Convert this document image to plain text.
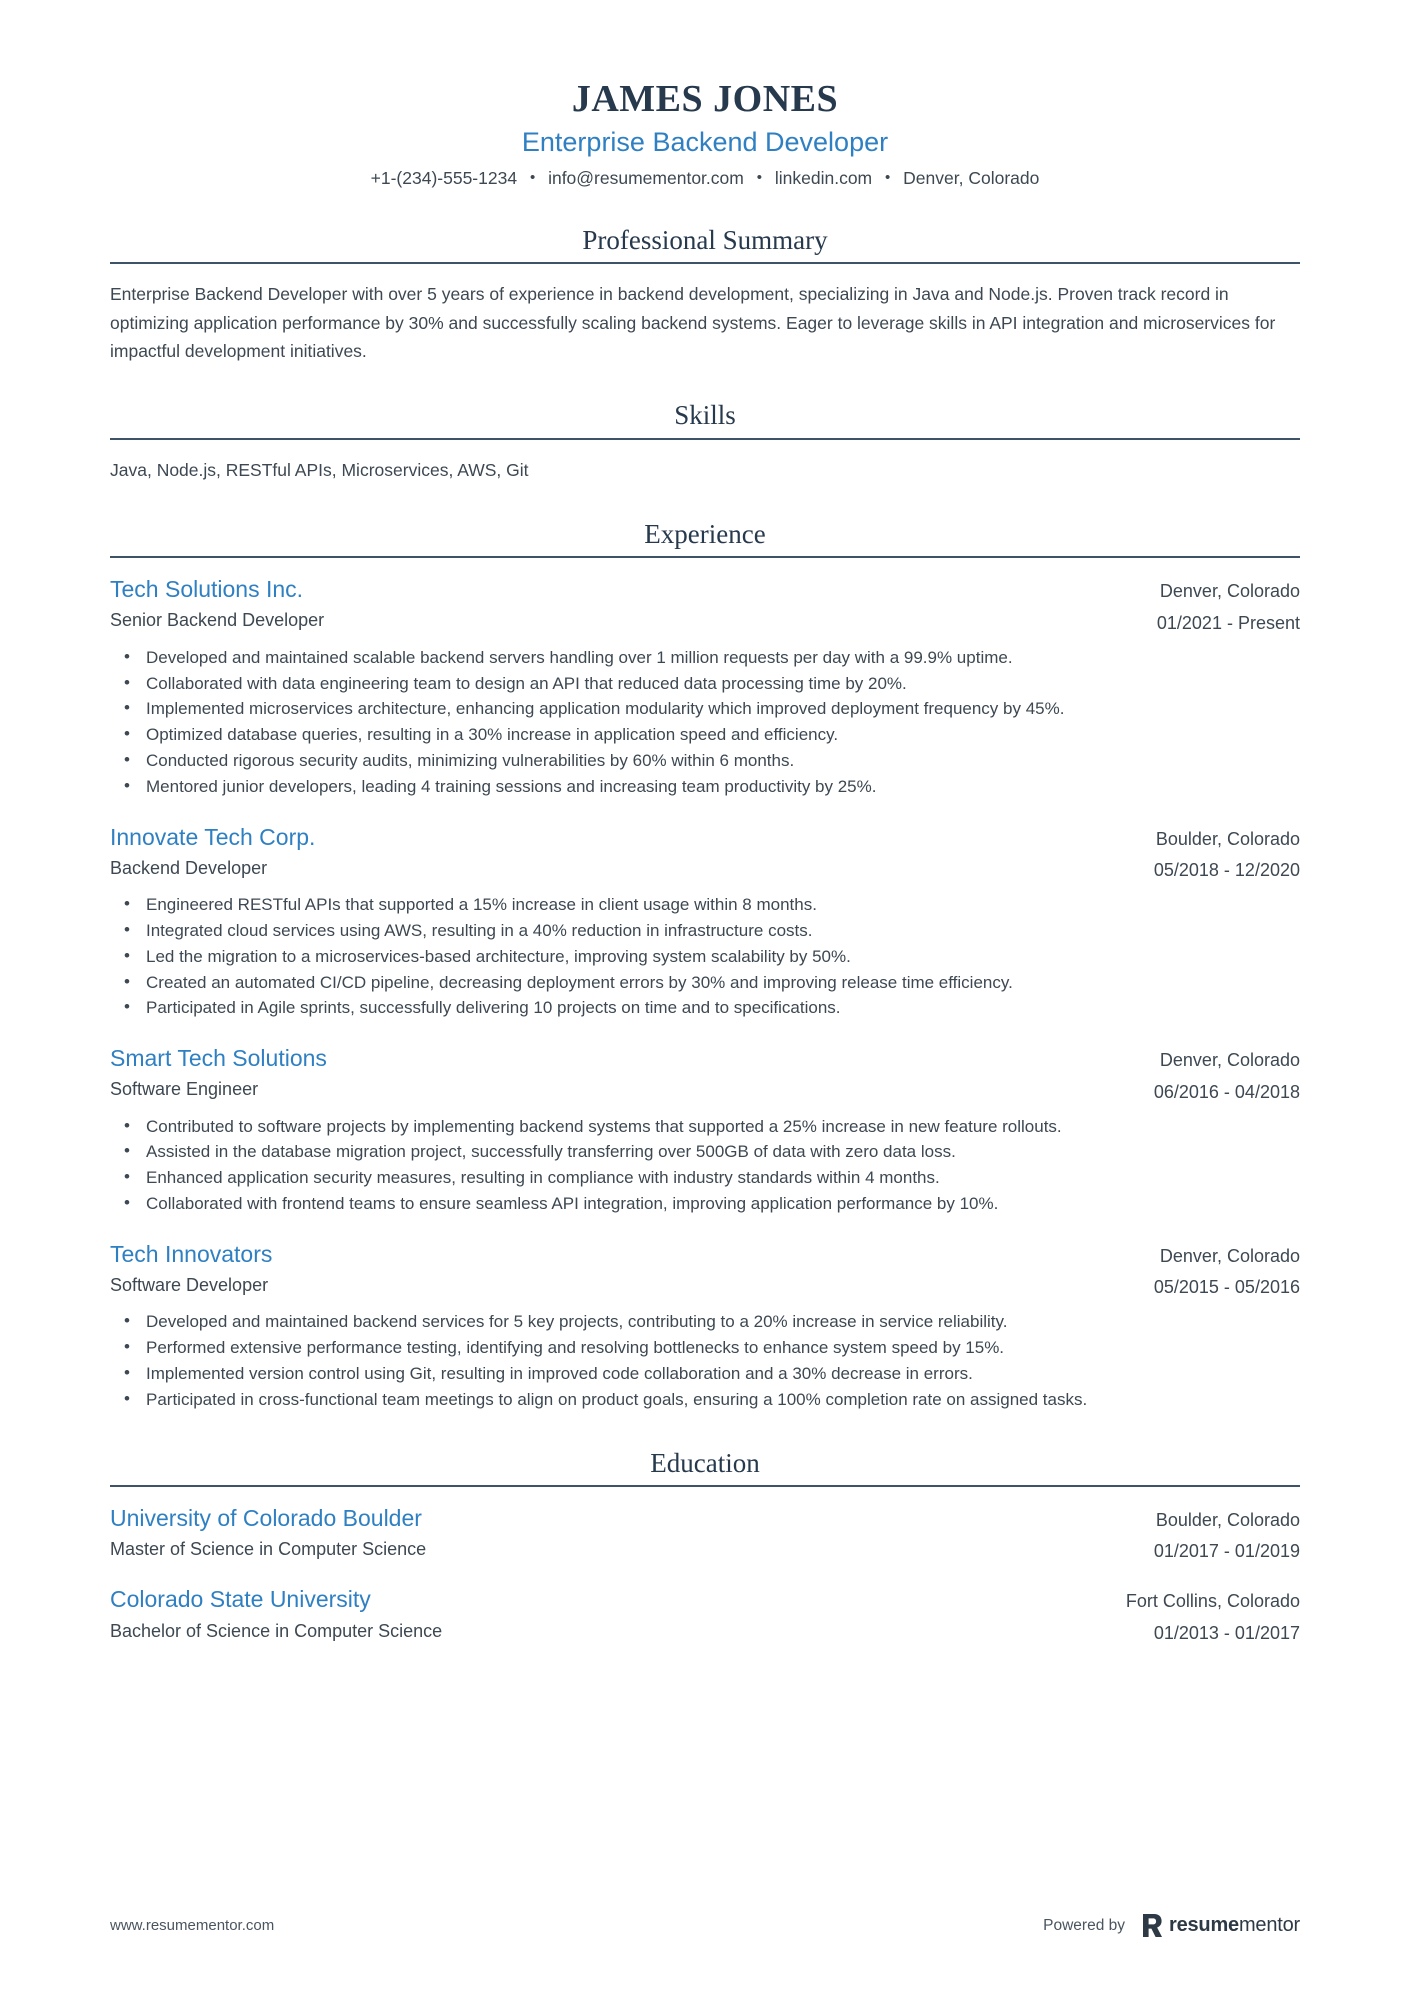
JAMES JONES
Enterprise Backend Developer
+1-(234)-555-1234 • info@resumementor.com • linkedin.com • Denver, Colorado
Professional Summary

Enterprise Backend Developer with over 5 years of experience in backend development, specializing in Java and Node.js. Proven track record in optimizing application performance by 30% and successfully scaling backend systems. Eager to leverage skills in API integration and microservices for impactful development initiatives.

Skills

Java, Node.js, RESTful APIs, Microservices, AWS, Git

Experience
Tech Solutions Inc.
Senior Backend Developer
Denver, Colorado
01/2021 - Present
• Developed and maintained scalable backend servers handling over 1 million requests per day with a 99.9% uptime.
• Collaborated with data engineering team to design an API that reduced data processing time by 20%.
• Implemented microservices architecture, enhancing application modularity which improved deployment frequency by 45%.
• Optimized database queries, resulting in a 30% increase in application speed and efficiency.
• Conducted rigorous security audits, minimizing vulnerabilities by 60% within 6 months.
• Mentored junior developers, leading 4 training sessions and increasing team productivity by 25%.
Innovate Tech Corp.
Backend Developer
Boulder, Colorado
05/2018 - 12/2020
• Engineered RESTful APIs that supported a 15% increase in client usage within 8 months.
• Integrated cloud services using AWS, resulting in a 40% reduction in infrastructure costs.
• Led the migration to a microservices-based architecture, improving system scalability by 50%.
• Created an automated CI/CD pipeline, decreasing deployment errors by 30% and improving release time efficiency.
• Participated in Agile sprints, successfully delivering 10 projects on time and to specifications.
Smart Tech Solutions
Software Engineer
Denver, Colorado
06/2016 - 04/2018
• Contributed to software projects by implementing backend systems that supported a 25% increase in new feature rollouts.
• Assisted in the database migration project, successfully transferring over 500GB of data with zero data loss.
• Enhanced application security measures, resulting in compliance with industry standards within 4 months.
• Collaborated with frontend teams to ensure seamless API integration, improving application performance by 10%.
Tech Innovators
Software Developer
Denver, Colorado
05/2015 - 05/2016
• Developed and maintained backend services for 5 key projects, contributing to a 20% increase in service reliability.
• Performed extensive performance testing, identifying and resolving bottlenecks to enhance system speed by 15%.
• Implemented version control using Git, resulting in improved code collaboration and a 30% decrease in errors.
• Participated in cross-functional team meetings to align on product goals, ensuring a 100% completion rate on assigned tasks.
Education
University of Colorado Boulder
Master of Science in Computer Science
Boulder, Colorado
01/2017 - 01/2019
Colorado State University
Bachelor of Science in Computer Science
Fort Collins, Colorado
01/2013 - 01/2017
www.resumementor.com	Powered by resumementor
